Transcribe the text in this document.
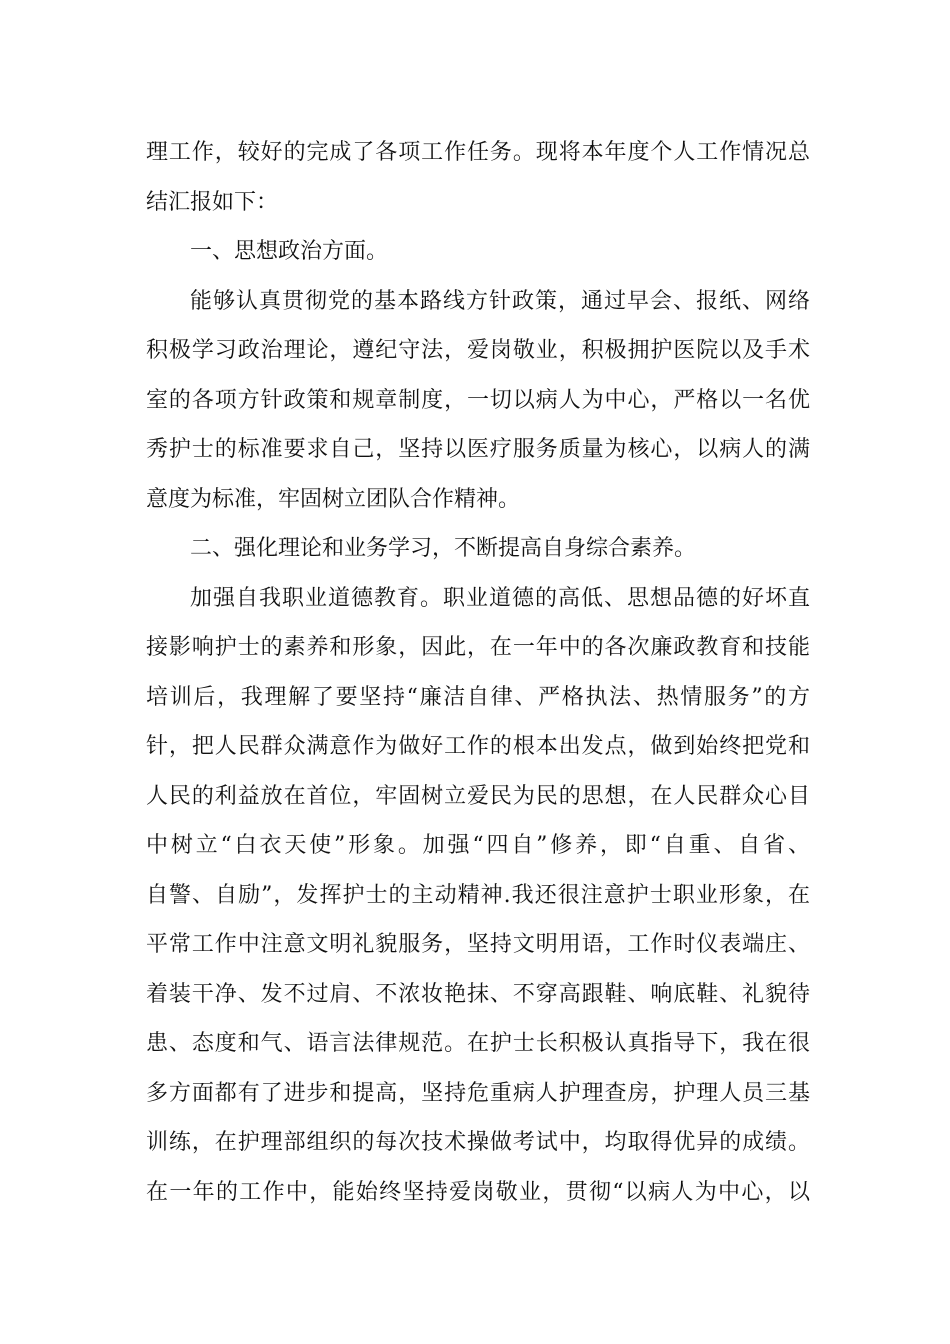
理工作，较好的完成了各项工作任务。现将本年度个人工作情况总
结汇报如下：
一、思想政治方面。
能够认真贯彻党的基本路线方针政策，通过早会、报纸、网络
积极学习政治理论，遵纪守法，爱岗敬业，积极拥护医院以及手术
室的各项方针政策和规章制度，一切以病人为中心，严格以一名优
秀护士的标准要求自己，坚持以医疗服务质量为核心，以病人的满
意度为标准，牢固树立团队合作精神。
二、强化理论和业务学习，不断提高自身综合素养。
加强自我职业道德教育。职业道德的高低、思想品德的好坏直
接影响护士的素养和形象，因此，在一年中的各次廉政教育和技能
培训后，我理解了要坚持“廉洁自律、严格执法、热情服务”的方
针，把人民群众满意作为做好工作的根本出发点，做到始终把党和
人民的利益放在首位，牢固树立爱民为民的思想，在人民群众心目
中树立“白衣天使”形象。加强“四自”修养，即“自重、自省、
自警、自励”，发挥护士的主动精神.我还很注意护士职业形象，在
平常工作中注意文明礼貌服务，坚持文明用语，工作时仪表端庄、
着装干净、发不过肩、不浓妆艳抹、不穿高跟鞋、响底鞋、礼貌待
患、态度和气、语言法律规范。在护士长积极认真指导下，我在很
多方面都有了进步和提高，坚持危重病人护理查房，护理人员三基
训练，在护理部组织的每次技术操做考试中，均取得优异的成绩。
在一年的工作中，能始终坚持爱岗敬业，贯彻“以病人为中心，以
